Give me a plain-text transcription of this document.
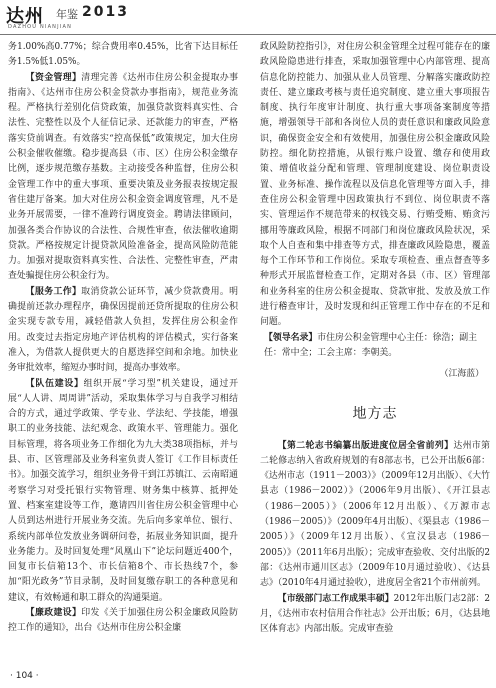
达州 年鉴 2013
DAZHOU NIANJIAN

务1.00%高0.77%；综合费用率0.45%，比省下达目标任务1.5%低1.05%。

【资金管理】清理完善《达州市住房公积金提取办事指南》、《达州市住房公积金贷款办事指南》，规范业务流程。严格执行差别化信贷政策，加强贷款资料真实性、合法性、完整性以及个人征信记录、还款能力的审查，严格落实贷前调查。有效落实“控高保低”政策规定，加大住房公积金催收催缴。稳步提高县（市、区）住房公积金缴存比例，逐步规范缴存基数。主动接受各种监督，住房公积金管理工作中的重大事项、重要决策及业务报表按规定报省住建厅备案。加大对住房公积金资金调度管理，凡不是业务开展需要，一律不准跨行调度资金。聘请法律顾问，加强各类合作协议的合法性、合规性审查，依法催收逾期贷款。严格按规定计提贷款风险准备金，提高风险防范能力。加强对提取资料真实性、合法性、完整性审查，严肃查处骗提住房公积金行为。

【服务工作】取消贷款公证环节，减少贷款费用。明确提前还款办理程序，确保因提前还贷所提取的住房公积金实现专款专用，减轻借款人负担，发挥住房公积金作用。改变过去指定房地产评估机构的评估模式，实行备案准入，为借款人提供更大的自愿选择空间和余地。加快业务审批效率，缩短办事时间，提高办事效率。

【队伍建设】组织开展“学习型”机关建设，通过开展“人人讲、周周讲”活动，采取集体学习与自我学习相结合的方式，通过学政策、学专业、学法纪、学技能，增强职工的业务技能、法纪观念、政策水平、管理能力。强化目标管理，将各项业务工作细化为九大类38项指标，并与县、市、区管理部及业务科室负责人签订《工作目标责任书》。加强交流学习，组织业务骨干到江苏镇江、云南昭通考察学习对受托银行实物管理、财务集中核算、抵押处置、档案室建设等工作，邀请四川省住房公积金管理中心人员到达州进行开展业务交流。先后向多家单位、银行、系统内部单位发放业务调研问卷，拓展业务知识面，提升业务能力。及时回复处理“风凰山下”论坛问题近400个，回复市长信箱13个、市长信箱8个、市长热线7个，参加“阳光政务”节目录制，及时回复缴存职工的各种意见和建议，有效畅通和职工群众的沟通渠道。

【廉政建设】印发《关于加强住房公积金廉政风险防控工作的通知》，出台《达州市住房公积金廉

政风险防控指引》，对住房公积金管理全过程可能存在的廉政风险隐患进行排查，采取加强管理中心内部管理、提高信息化防控能力、加强从业人员管理、分解落实廉政防控责任、建立廉政考核与责任追究制度、建立重大事项报告制度、执行年度审计制度、执行重大事项备案制度等措施，增强领导干部和各岗位人员的责任意识和廉政风险意识，确保资金安全和有效使用，加强住房公积金廉政风险防控。细化防控措施，从银行账户设置、缴存和使用政策、增值收益分配和管理、管理制度建设、岗位职责设置、业务标准、操作流程以及信息化管理等方面入手，排查住房公积金管理中因政策执行不到位、岗位职责不落实、管理运作不规范带来的权钱交易、行贿受贿、贿贪污挪用等廉政风险，根据不同部门和岗位廉政风险状况，采取个人自查和集中排查等方式，排查廉政风险隐患，覆盖每个工作环节和工作岗位。采取专项检查、重点督查等多种形式开展监督检查工作，定期对各县（市、区）管理部和业务科室的住房公积金提取、贷款审批、发放及放工作进行稽查审计，及时发现和纠正管理工作中存在的不足和问题。

【领导名录】市住房公积金管理中心主任：徐浩；副主任：常中全；工会主席：李朝美。

（江海蓝）
地方志

【第二轮志书编纂出版进度位居全省前列】达州市第二轮修志纳入省政府规划的有8部志书，已公开出版6部：《达州市志（1911－2003）》（2009年12月出版）、《大竹县志（1986－2002）》（2006年9月出版）、《开江县志（1986－2005）》（2006年12月出版）、《万源市志（1986－2005）》（2009年4月出版）、《渠县志（1986－2005）》（2009年12月出版）、《宣汉县志（1986－2005）》（2011年6月出版）；完成审查验收、交付出版的2部：《达州市通川区志》（2009年10月通过验收）、《达县志》（2010年4月通过验收），进度居全省21个市州前列。

【市级部门志工作成果丰硕】2012年出版门志2部：2月，《达州市农村信用合作社志》公开出版；6月，《达县地区体育志》内部出版。完成审查验

· 104 ·
